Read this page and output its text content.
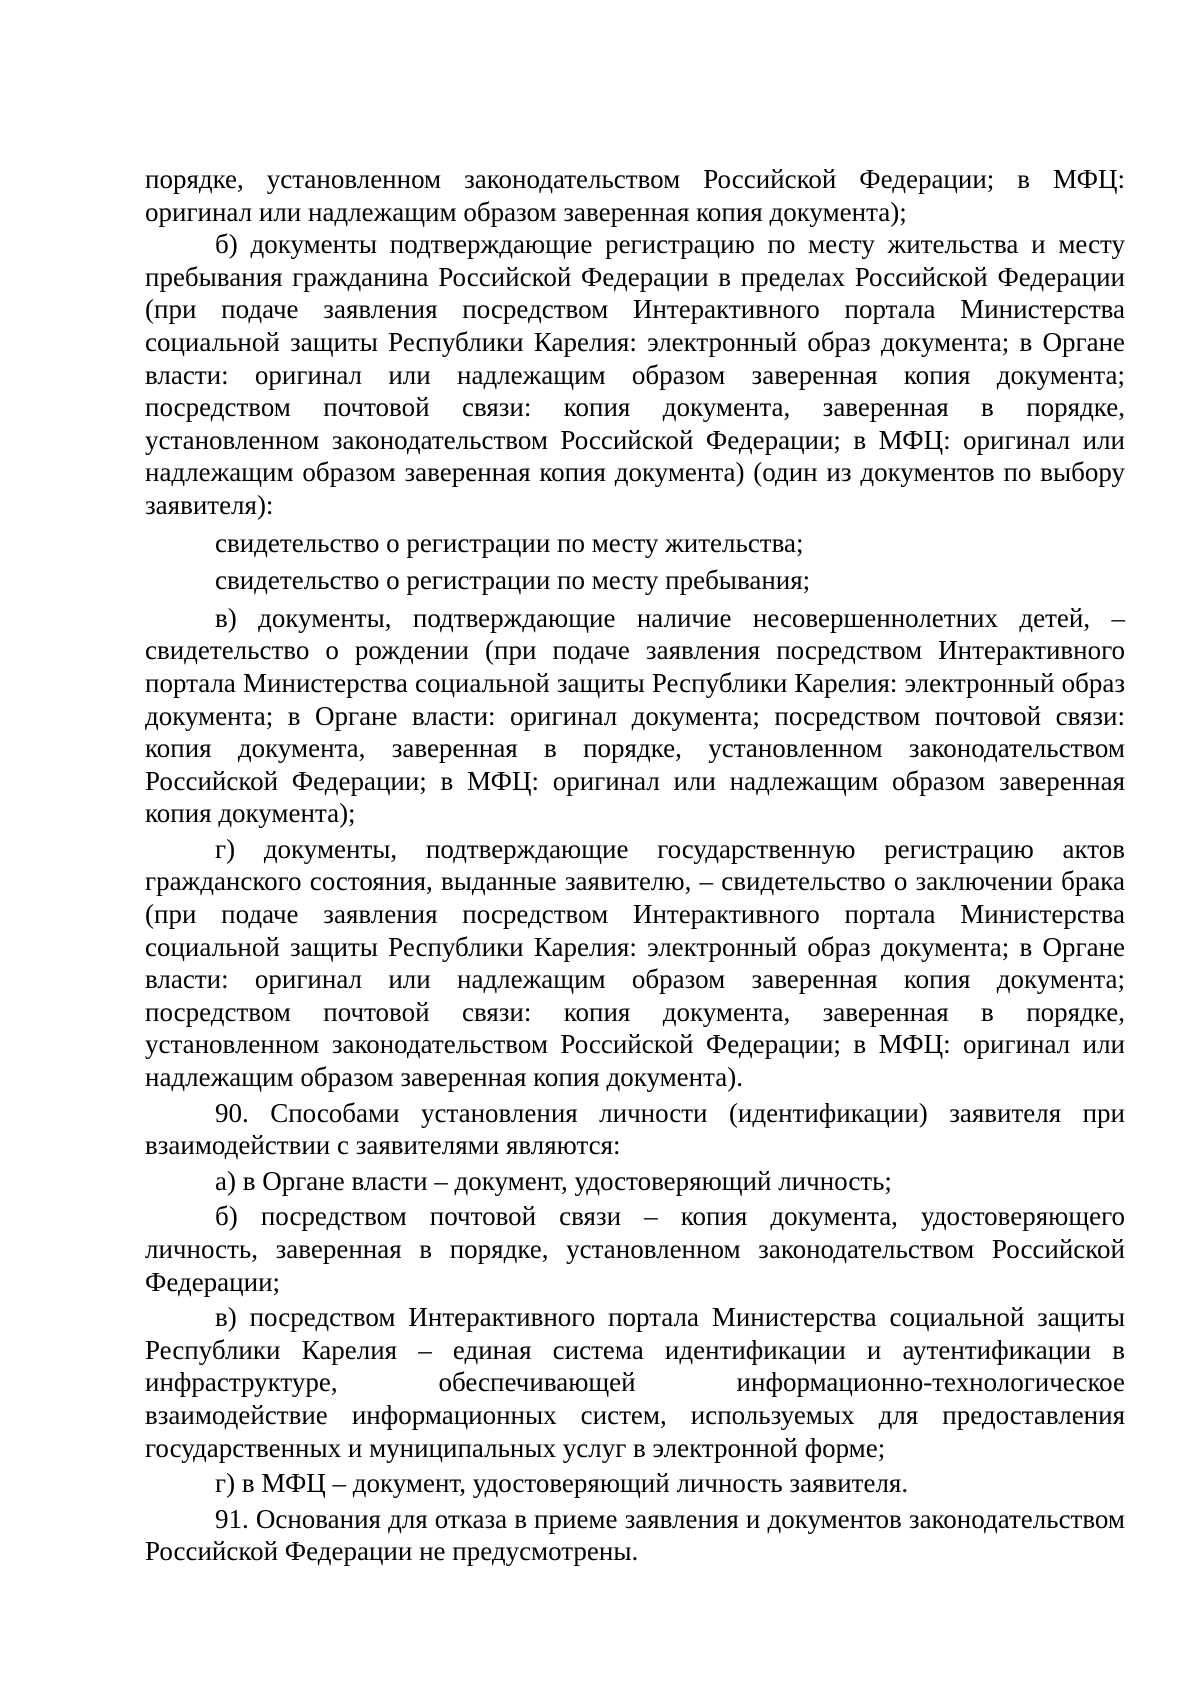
порядке, установленном законодательством Российской Федерации; в МФЦ: оригинал или надлежащим образом заверенная копия документа);

б) документы подтверждающие регистрацию по месту жительства и месту пребывания гражданина Российской Федерации в пределах Российской Федерации (при подаче заявления посредством Интерактивного портала Министерства социальной защиты Республики Карелия: электронный образ документа; в Органе власти: оригинал или надлежащим образом заверенная копия документа; посредством почтовой связи: копия документа, заверенная в порядке, установленном законодательством Российской Федерации; в МФЦ: оригинал или надлежащим образом заверенная копия документа) (один из документов по выбору заявителя):

свидетельство о регистрации по месту жительства;

свидетельство о регистрации по месту пребывания;

в) документы, подтверждающие наличие несовершеннолетних детей, – свидетельство о рождении (при подаче заявления посредством Интерактивного портала Министерства социальной защиты Республики Карелия: электронный образ документа; в Органе власти: оригинал документа; посредством почтовой связи: копия документа, заверенная в порядке, установленном законодательством Российской Федерации; в МФЦ: оригинал или надлежащим образом заверенная копия документа);

г) документы, подтверждающие государственную регистрацию актов гражданского состояния, выданные заявителю, – свидетельство о заключении брака (при подаче заявления посредством Интерактивного портала Министерства социальной защиты Республики Карелия: электронный образ документа; в Органе власти: оригинал или надлежащим образом заверенная копия документа; посредством почтовой связи: копия документа, заверенная в порядке, установленном законодательством Российской Федерации; в МФЦ: оригинал или надлежащим образом заверенная копия документа).

90. Способами установления личности (идентификации) заявителя при взаимодействии с заявителями являются:

а) в Органе власти – документ, удостоверяющий личность;

б) посредством почтовой связи – копия документа, удостоверяющего личность, заверенная в порядке, установленном законодательством Российской Федерации;

в) посредством Интерактивного портала Министерства социальной защиты Республики Карелия – единая система идентификации и аутентификации в инфраструктуре, обеспечивающей информационно-технологическое взаимодействие информационных систем, используемых для предоставления государственных и муниципальных услуг в электронной форме;

г) в МФЦ – документ, удостоверяющий личность заявителя.

91. Основания для отказа в приеме заявления и документов законодательством Российской Федерации не предусмотрены.
